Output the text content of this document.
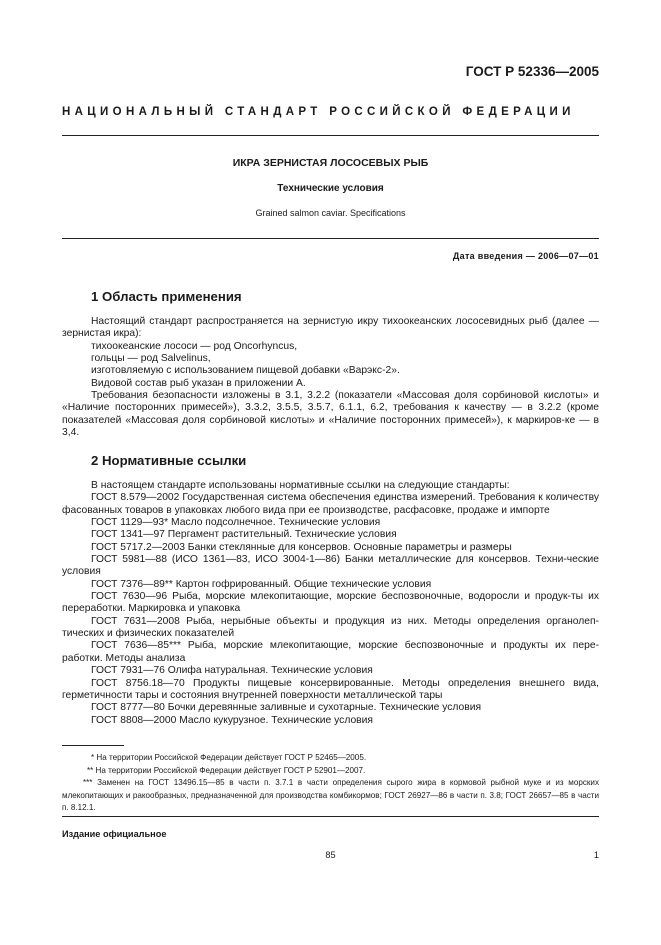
ГОСТ Р 52336—2005
НАЦИОНАЛЬНЫЙ СТАНДАРТ РОССИЙСКОЙ ФЕДЕРАЦИИ
ИКРА ЗЕРНИСТАЯ ЛОСОСЕВЫХ РЫБ
Технические условия
Grained salmon caviar. Specifications
Дата введения — 2006—07—01
1 Область применения

Настоящий стандарт распространяется на зернистую икру тихоокеанских лососевидных рыб (далее — зернистая икра):

тихоокеанские лососи — род Oncorhyncus,

гольцы — род Salvelinus,

изготовляемую с использованием пищевой добавки «Варэкс-2».

Видовой состав рыб указан в приложении А.

Требования безопасности изложены в 3.1, 3.2.2 (показатели «Массовая доля сорбиновой кислоты» и «Наличие посторонних примесей»), 3.3.2, 3.5.5, 3.5.7, 6.1.1, 6.2, требования к качеству — в 3.2.2 (кроме показателей «Массовая доля сорбиновой кислоты» и «Наличие посторонних примесей»), к маркиров-ке — в 3,4.

2 Нормативные ссылки

В настоящем стандарте использованы нормативные ссылки на следующие стандарты:

ГОСТ 8.579—2002 Государственная система обеспечения единства измерений. Требования к количеству фасованных товаров в упаковках любого вида при ее производстве, расфасовке, продаже и импорте

ГОСТ 1129—93* Масло подсолнечное. Технические условия

ГОСТ 1341—97 Пергамент растительный. Технические условия

ГОСТ 5717.2—2003 Банки стеклянные для консервов. Основные параметры и размеры

ГОСТ 5981—88 (ИСО 1361—83, ИСО 3004-1—86) Банки металлические для консервов. Техни-ческие условия

ГОСТ 7376—89** Картон гофрированный. Общие технические условия

ГОСТ 7630—96 Рыба, морские млекопитающие, морские беспозвоночные, водоросли и продук-ты их переработки. Маркировка и упаковка

ГОСТ 7631—2008 Рыба, нерыбные объекты и продукция из них. Методы определения органолеп-тических и физических показателей

ГОСТ 7636—85*** Рыба, морские млекопитающие, морские беспозвоночные и продукты их пере-работки. Методы анализа

ГОСТ 7931—76 Олифа натуральная. Технические условия

ГОСТ 8756.18—70 Продукты пищевые консервированные. Методы определения внешнего вида, герметичности тары и состояния внутренней поверхности металлической тары

ГОСТ 8777—80 Бочки деревянные заливные и сухотарные. Технические условия

ГОСТ 8808—2000 Масло кукурузное. Технические условия

* На территории Российской Федерации действует ГОСТ Р 52465—2005.

** На территории Российской Федерации действует ГОСТ Р 52901—2007.

*** Заменен на ГОСТ 13496.15—85 в части п. 3.7.1 в части определения сырого жира в кормовой рыбной муке и из морских млекопитающих и ракообразных, предназначенной для производства комбикормов; ГОСТ 26927—86 в части п. 3.8; ГОСТ 26657—85 в части п. 8.12.1.

Издание официальное
85	1
